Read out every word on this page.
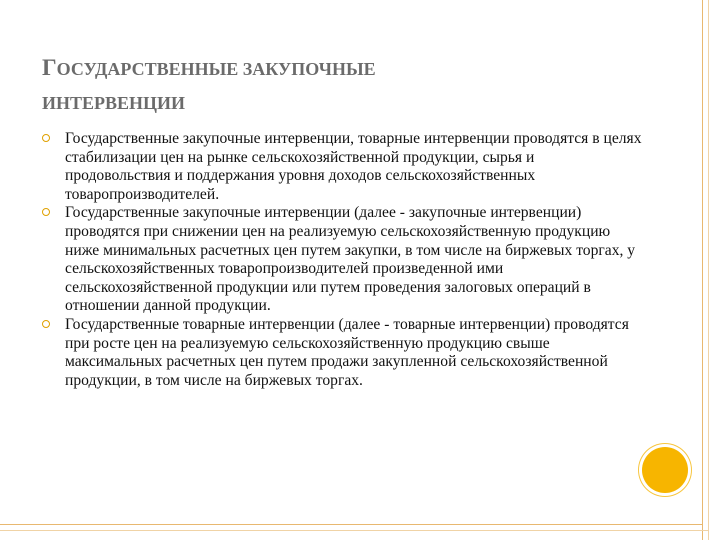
ГОСУДАРСТВЕННЫЕ ЗАКУПОЧНЫЕ
ИНТЕРВЕНЦИИ
Государственные закупочные интервенции, товарные интервенции проводятся в целях стабилизации цен на рынке сельскохозяйственной продукции, сырья и продовольствия и поддержания уровня доходов сельскохозяйственных товаропроизводителей.
Государственные закупочные интервенции (далее - закупочные интервенции) проводятся при снижении цен на реализуемую сельскохозяйственную продукцию ниже минимальных расчетных цен путем закупки, в том числе на биржевых торгах, у сельскохозяйственных товаропроизводителей произведенной ими сельскохозяйственной продукции или путем проведения залоговых операций в отношении данной продукции.
Государственные товарные интервенции (далее - товарные интервенции) проводятся при росте цен на реализуемую сельскохозяйственную продукцию свыше максимальных расчетных цен путем продажи закупленной сельскохозяйственной продукции, в том числе на биржевых торгах.
